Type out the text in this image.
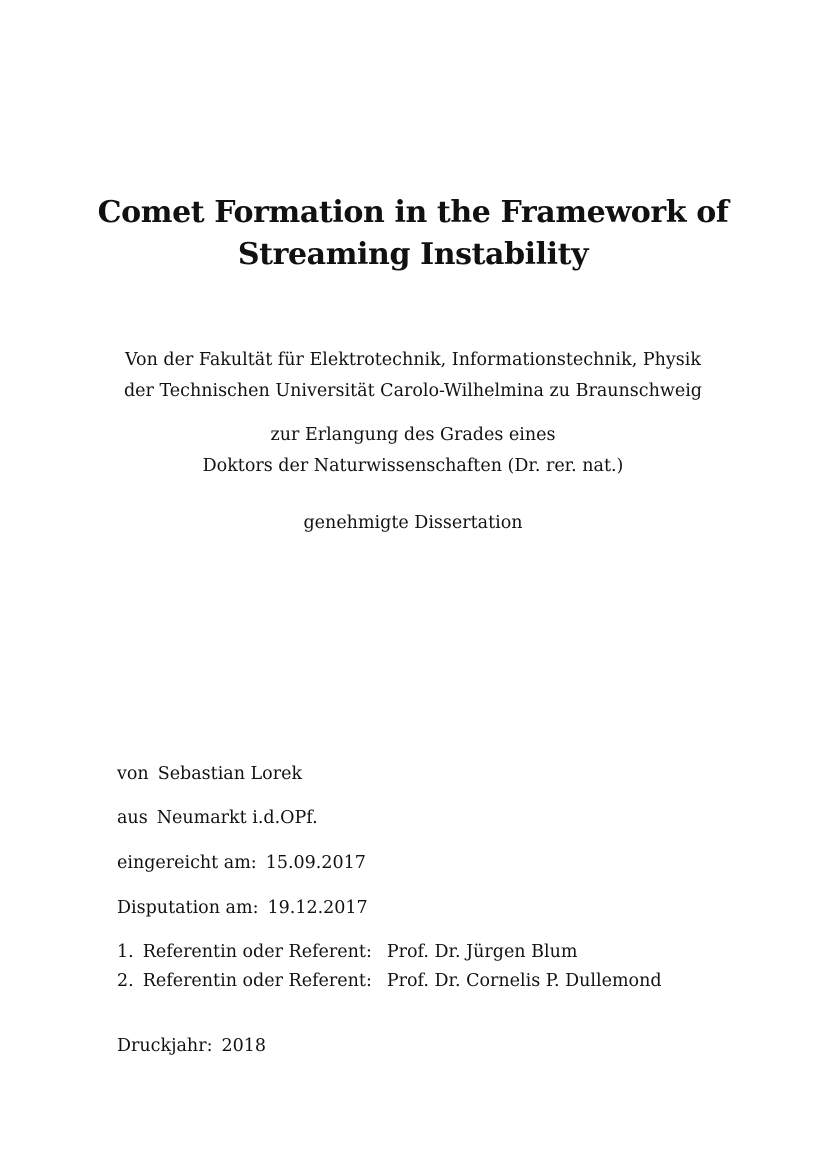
Comet Formation in the Framework of
Streaming Instability
Von der Fakultät für Elektrotechnik, Informationstechnik, Physik
der Technischen Universität Carolo-Wilhelmina zu Braunschweig
zur Erlangung des Grades eines
Doktors der Naturwissenschaften (Dr. rer. nat.)
genehmigte Dissertation
von Sebastian Lorek
aus Neumarkt i.d.OPf.
eingereicht am: 15.09.2017
Disputation am: 19.12.2017
1. Referentin oder Referent: Prof. Dr. Jürgen Blum
2. Referentin oder Referent: Prof. Dr. Cornelis P. Dullemond
Druckjahr: 2018
